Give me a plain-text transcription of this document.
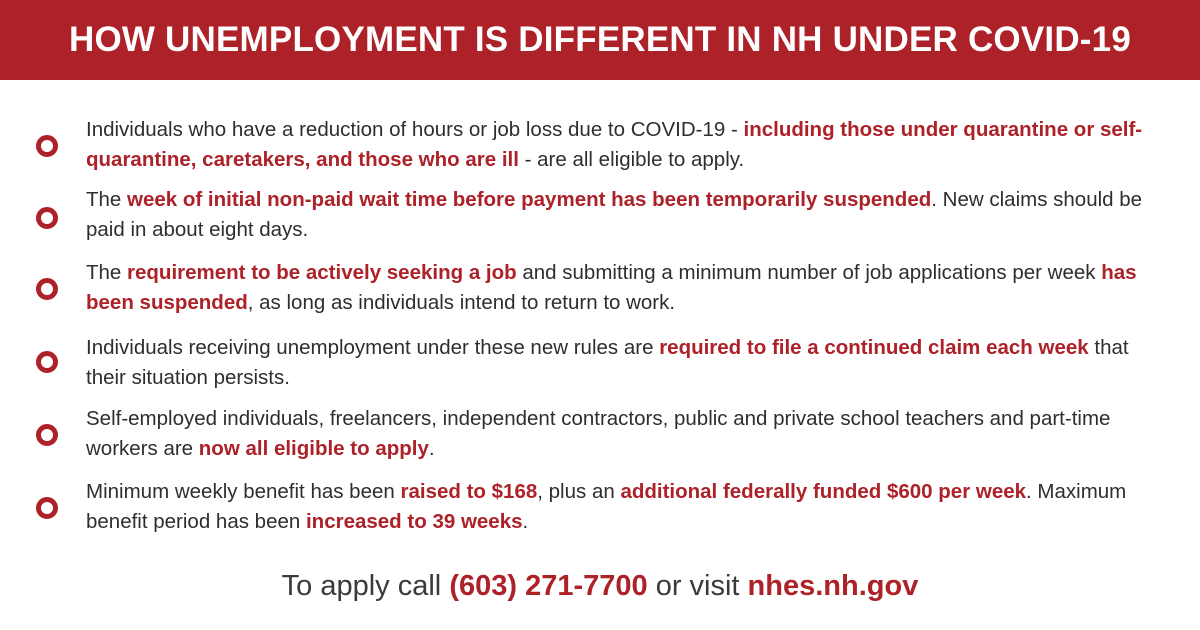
HOW UNEMPLOYMENT IS DIFFERENT IN NH UNDER COVID-19
Individuals who have a reduction of hours or job loss due to COVID-19 - including those under quarantine or self-quarantine, caretakers, and those who are ill - are all eligible to apply.
The week of initial non-paid wait time before payment has been temporarily suspended. New claims should be paid in about eight days.
The requirement to be actively seeking a job and submitting a minimum number of job applications per week has been suspended, as long as individuals intend to return to work.
Individuals receiving unemployment under these new rules are required to file a continued claim each week that their situation persists.
Self-employed individuals, freelancers, independent contractors, public and private school teachers and part-time workers are now all eligible to apply.
Minimum weekly benefit has been raised to $168, plus an additional federally funded $600 per week. Maximum benefit period has been increased to 39 weeks.
To apply call (603) 271-7700 or visit nhes.nh.gov
